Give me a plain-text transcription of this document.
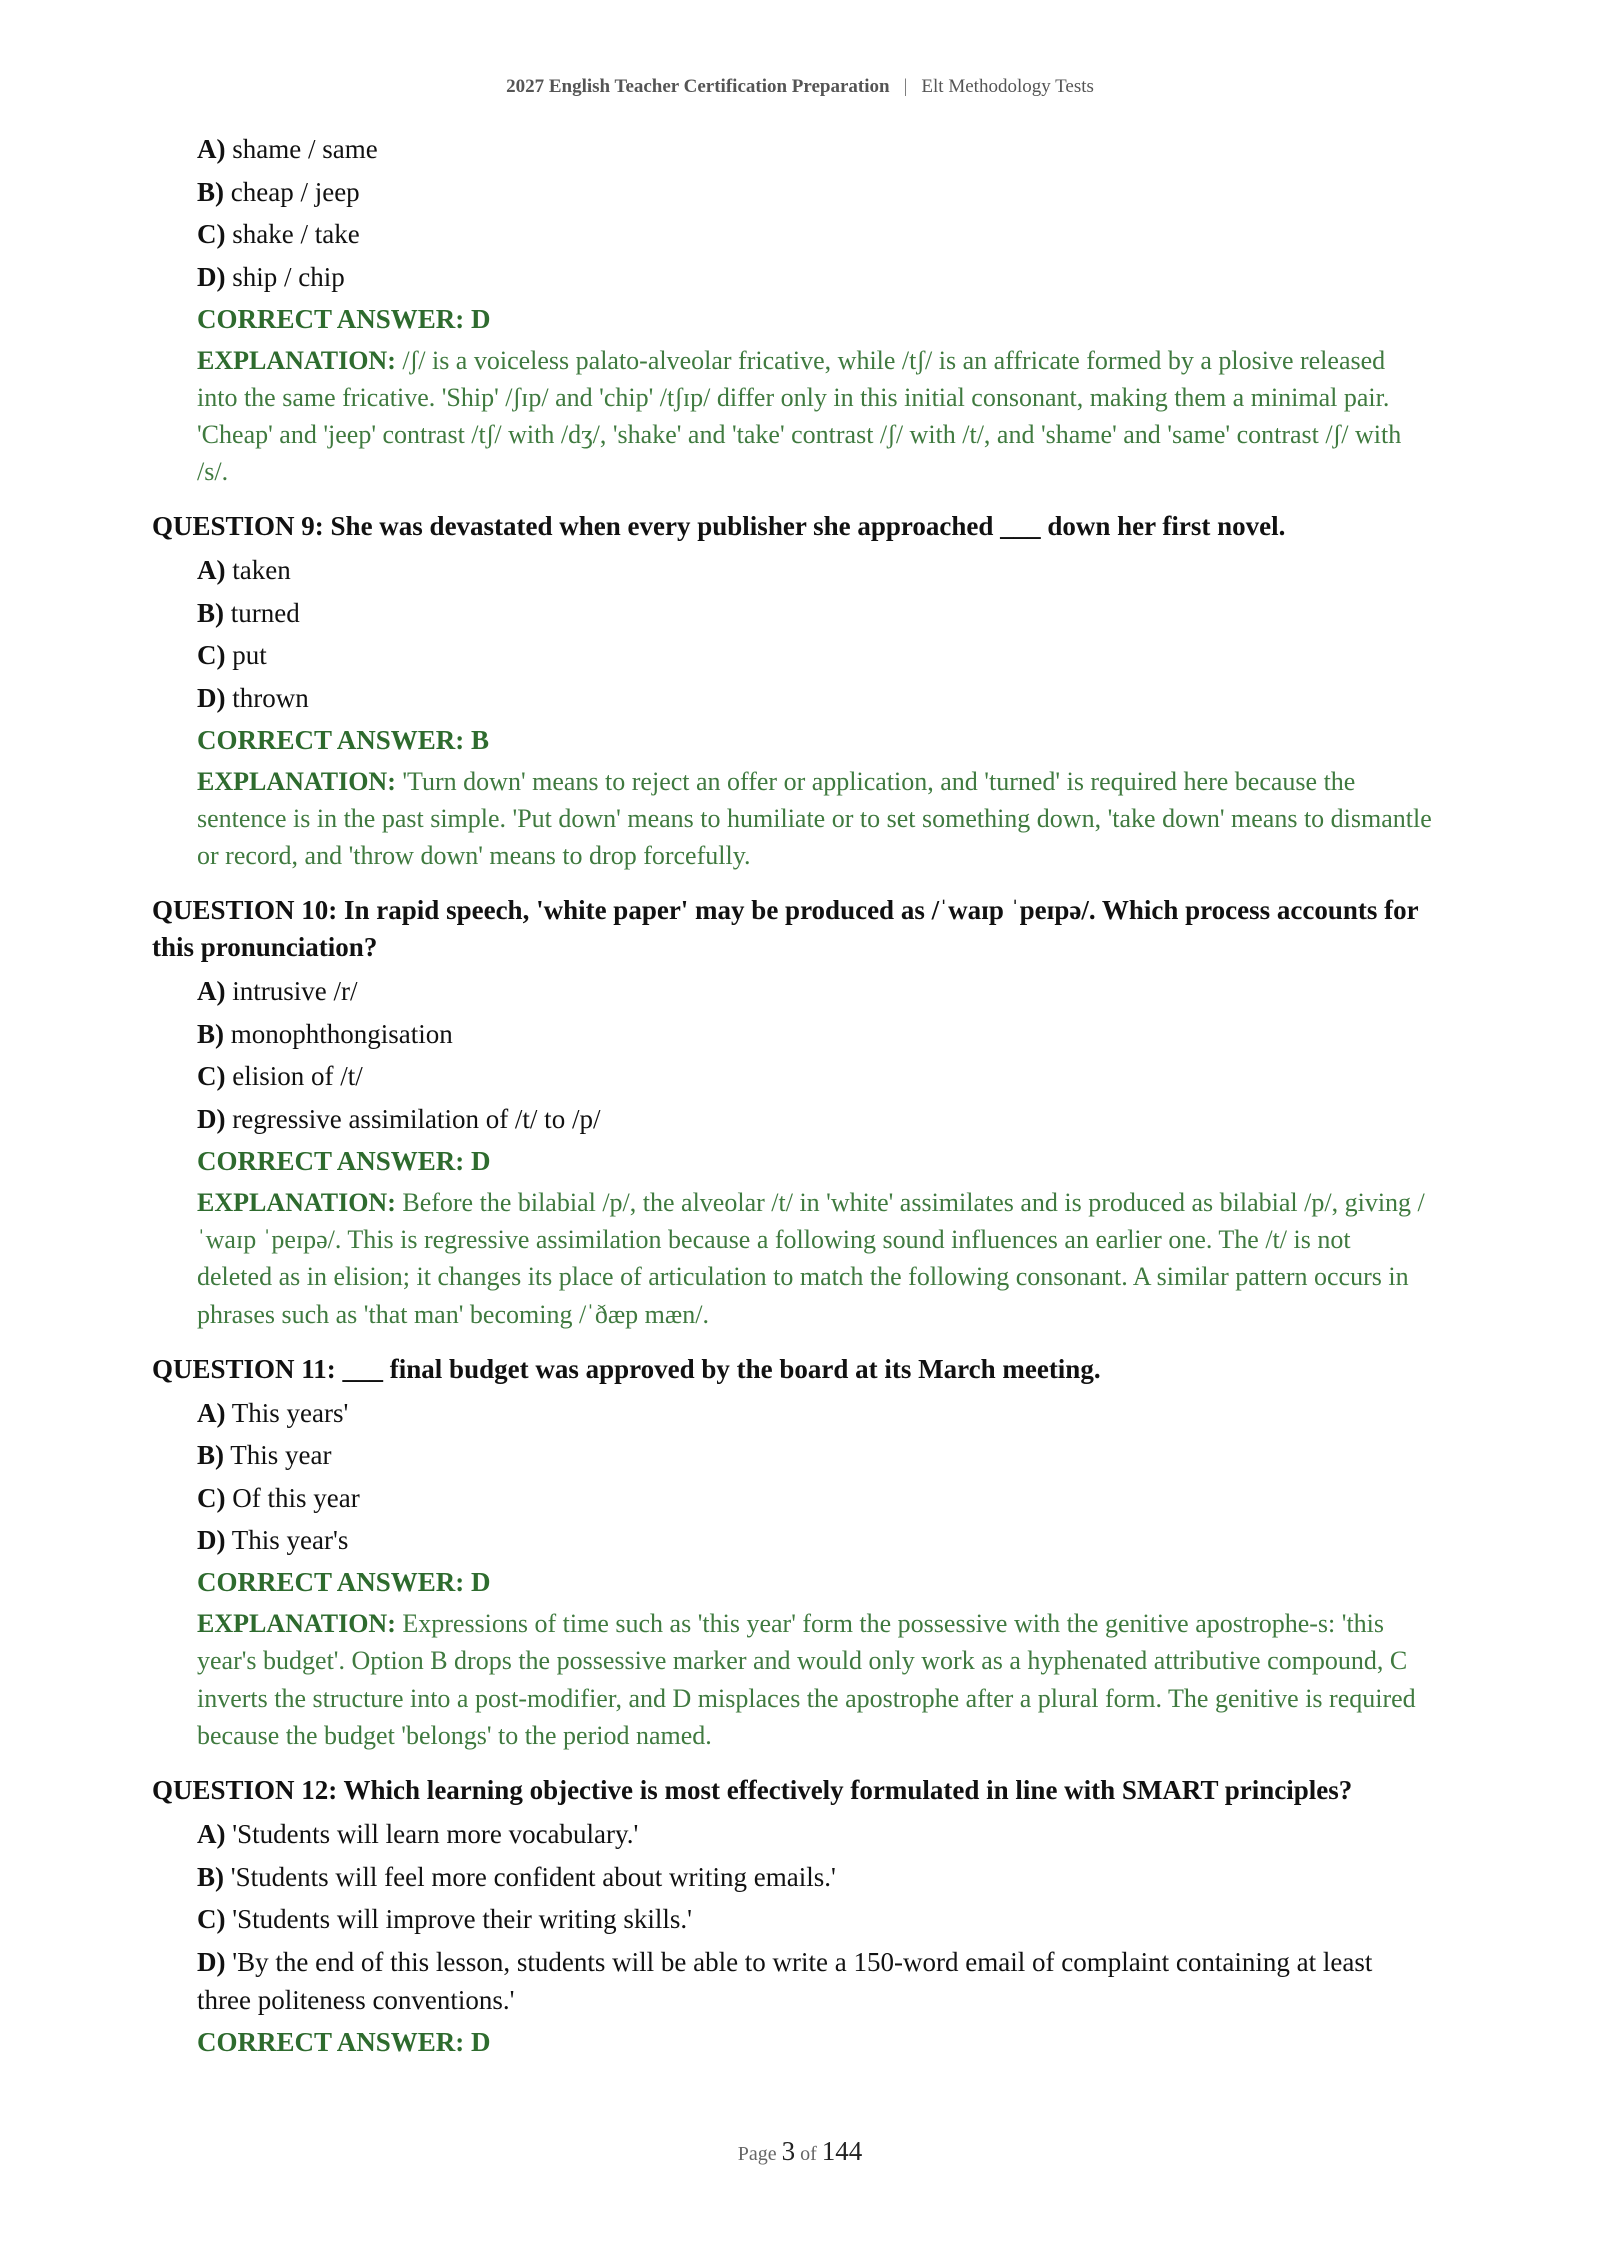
2027 English Teacher Certification Preparation | Elt Methodology Tests
A) shame / same
B) cheap / jeep
C) shake / take
D) ship / chip
CORRECT ANSWER: D
EXPLANATION: /ʃ/ is a voiceless palato-alveolar fricative, while /tʃ/ is an affricate formed by a plosive released into the same fricative. 'Ship' /ʃɪp/ and 'chip' /tʃɪp/ differ only in this initial consonant, making them a minimal pair. 'Cheap' and 'jeep' contrast /tʃ/ with /dʒ/, 'shake' and 'take' contrast /ʃ/ with /t/, and 'shame' and 'same' contrast /ʃ/ with /s/.
QUESTION 9: She was devastated when every publisher she approached ___ down her first novel.
A) taken
B) turned
C) put
D) thrown
CORRECT ANSWER: B
EXPLANATION: 'Turn down' means to reject an offer or application, and 'turned' is required here because the sentence is in the past simple. 'Put down' means to humiliate or to set something down, 'take down' means to dismantle or record, and 'throw down' means to drop forcefully.
QUESTION 10: In rapid speech, 'white paper' may be produced as /ˈwaɪp ˈpeɪpə/. Which process accounts for this pronunciation?
A) intrusive /r/
B) monophthongisation
C) elision of /t/
D) regressive assimilation of /t/ to /p/
CORRECT ANSWER: D
EXPLANATION: Before the bilabial /p/, the alveolar /t/ in 'white' assimilates and is produced as bilabial /p/, giving /ˈwaɪp ˈpeɪpə/. This is regressive assimilation because a following sound influences an earlier one. The /t/ is not deleted as in elision; it changes its place of articulation to match the following consonant. A similar pattern occurs in phrases such as 'that man' becoming /ˈðæp mæn/.
QUESTION 11: ___ final budget was approved by the board at its March meeting.
A) This years'
B) This year
C) Of this year
D) This year's
CORRECT ANSWER: D
EXPLANATION: Expressions of time such as 'this year' form the possessive with the genitive apostrophe-s: 'this year's budget'. Option B drops the possessive marker and would only work as a hyphenated attributive compound, C inverts the structure into a post-modifier, and D misplaces the apostrophe after a plural form. The genitive is required because the budget 'belongs' to the period named.
QUESTION 12: Which learning objective is most effectively formulated in line with SMART principles?
A) 'Students will learn more vocabulary.'
B) 'Students will feel more confident about writing emails.'
C) 'Students will improve their writing skills.'
D) 'By the end of this lesson, students will be able to write a 150-word email of complaint containing at least three politeness conventions.'
CORRECT ANSWER: D
Page 3 of 144
